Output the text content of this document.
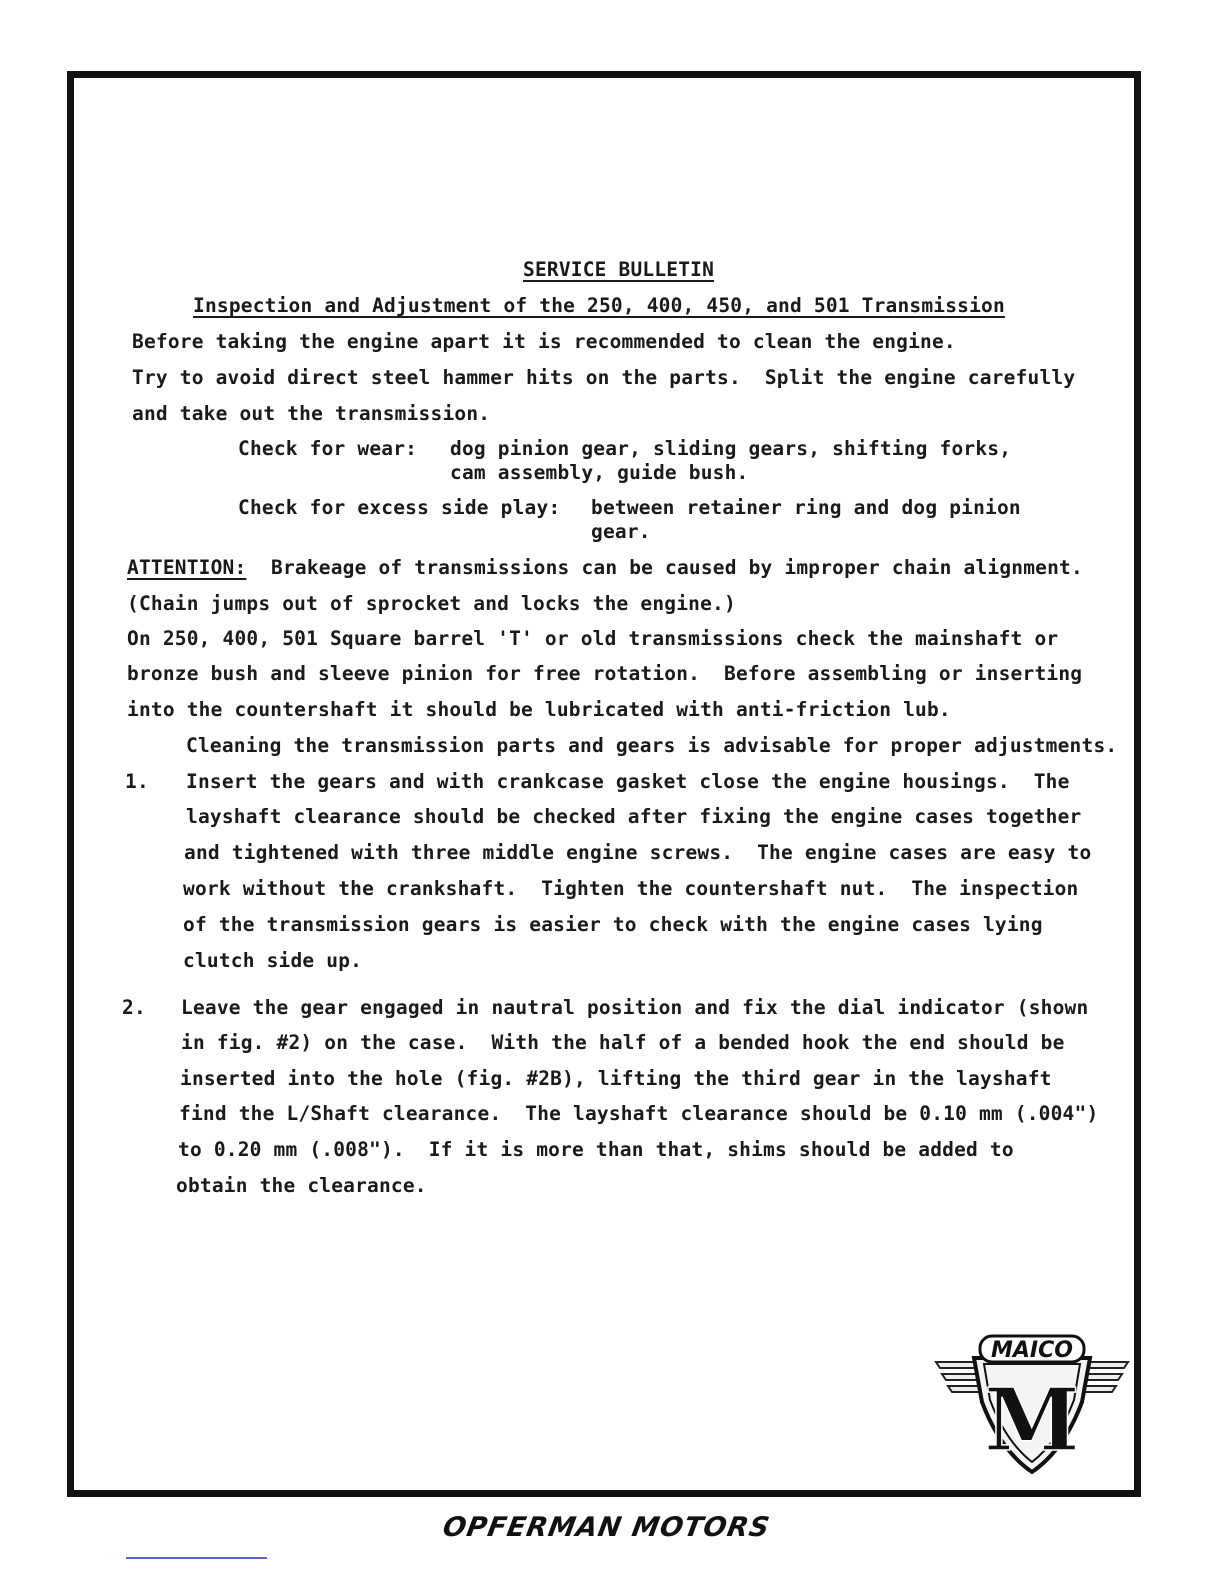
SERVICE BULLETIN
Inspection and Adjustment of the 250, 400, 450, and 501 Transmission
Before taking the engine apart it is recommended to clean the engine.
Try to avoid direct steel hammer hits on the parts.  Split the engine carefully
and take out the transmission.
Check for wear: dog pinion gear, sliding gears, shifting forks,
cam assembly, guide bush.
Check for excess side play: between retainer ring and dog pinion
gear.
ATTENTION: Brakeage of transmissions can be caused by improper chain alignment.
(Chain jumps out of sprocket and locks the engine.)
On 250, 400, 501 Square barrel 'T' or old transmissions check the mainshaft or
bronze bush and sleeve pinion for free rotation.  Before assembling or inserting
into the countershaft it should be lubricated with anti-friction lub.
Cleaning the transmission parts and gears is advisable for proper adjustments.
1. Insert the gears and with crankcase gasket close the engine housings.  The
layshaft clearance should be checked after fixing the engine cases together
and tightened with three middle engine screws.  The engine cases are easy to
work without the crankshaft.  Tighten the countershaft nut.  The inspection
of the transmission gears is easier to check with the engine cases lying
clutch side up.
2. Leave the gear engaged in nautral position and fix the dial indicator (shown
in fig. #2) on the case.  With the half of a bended hook the end should be
inserted into the hole (fig. #2B), lifting the third gear in the layshaft
find the L/Shaft clearance.  The layshaft clearance should be 0.10 mm (.004")
to 0.20 mm (.008").  If it is more than that, shims should be added to
obtain the clearance.
MAICO
M
OPFERMAN MOTORS
